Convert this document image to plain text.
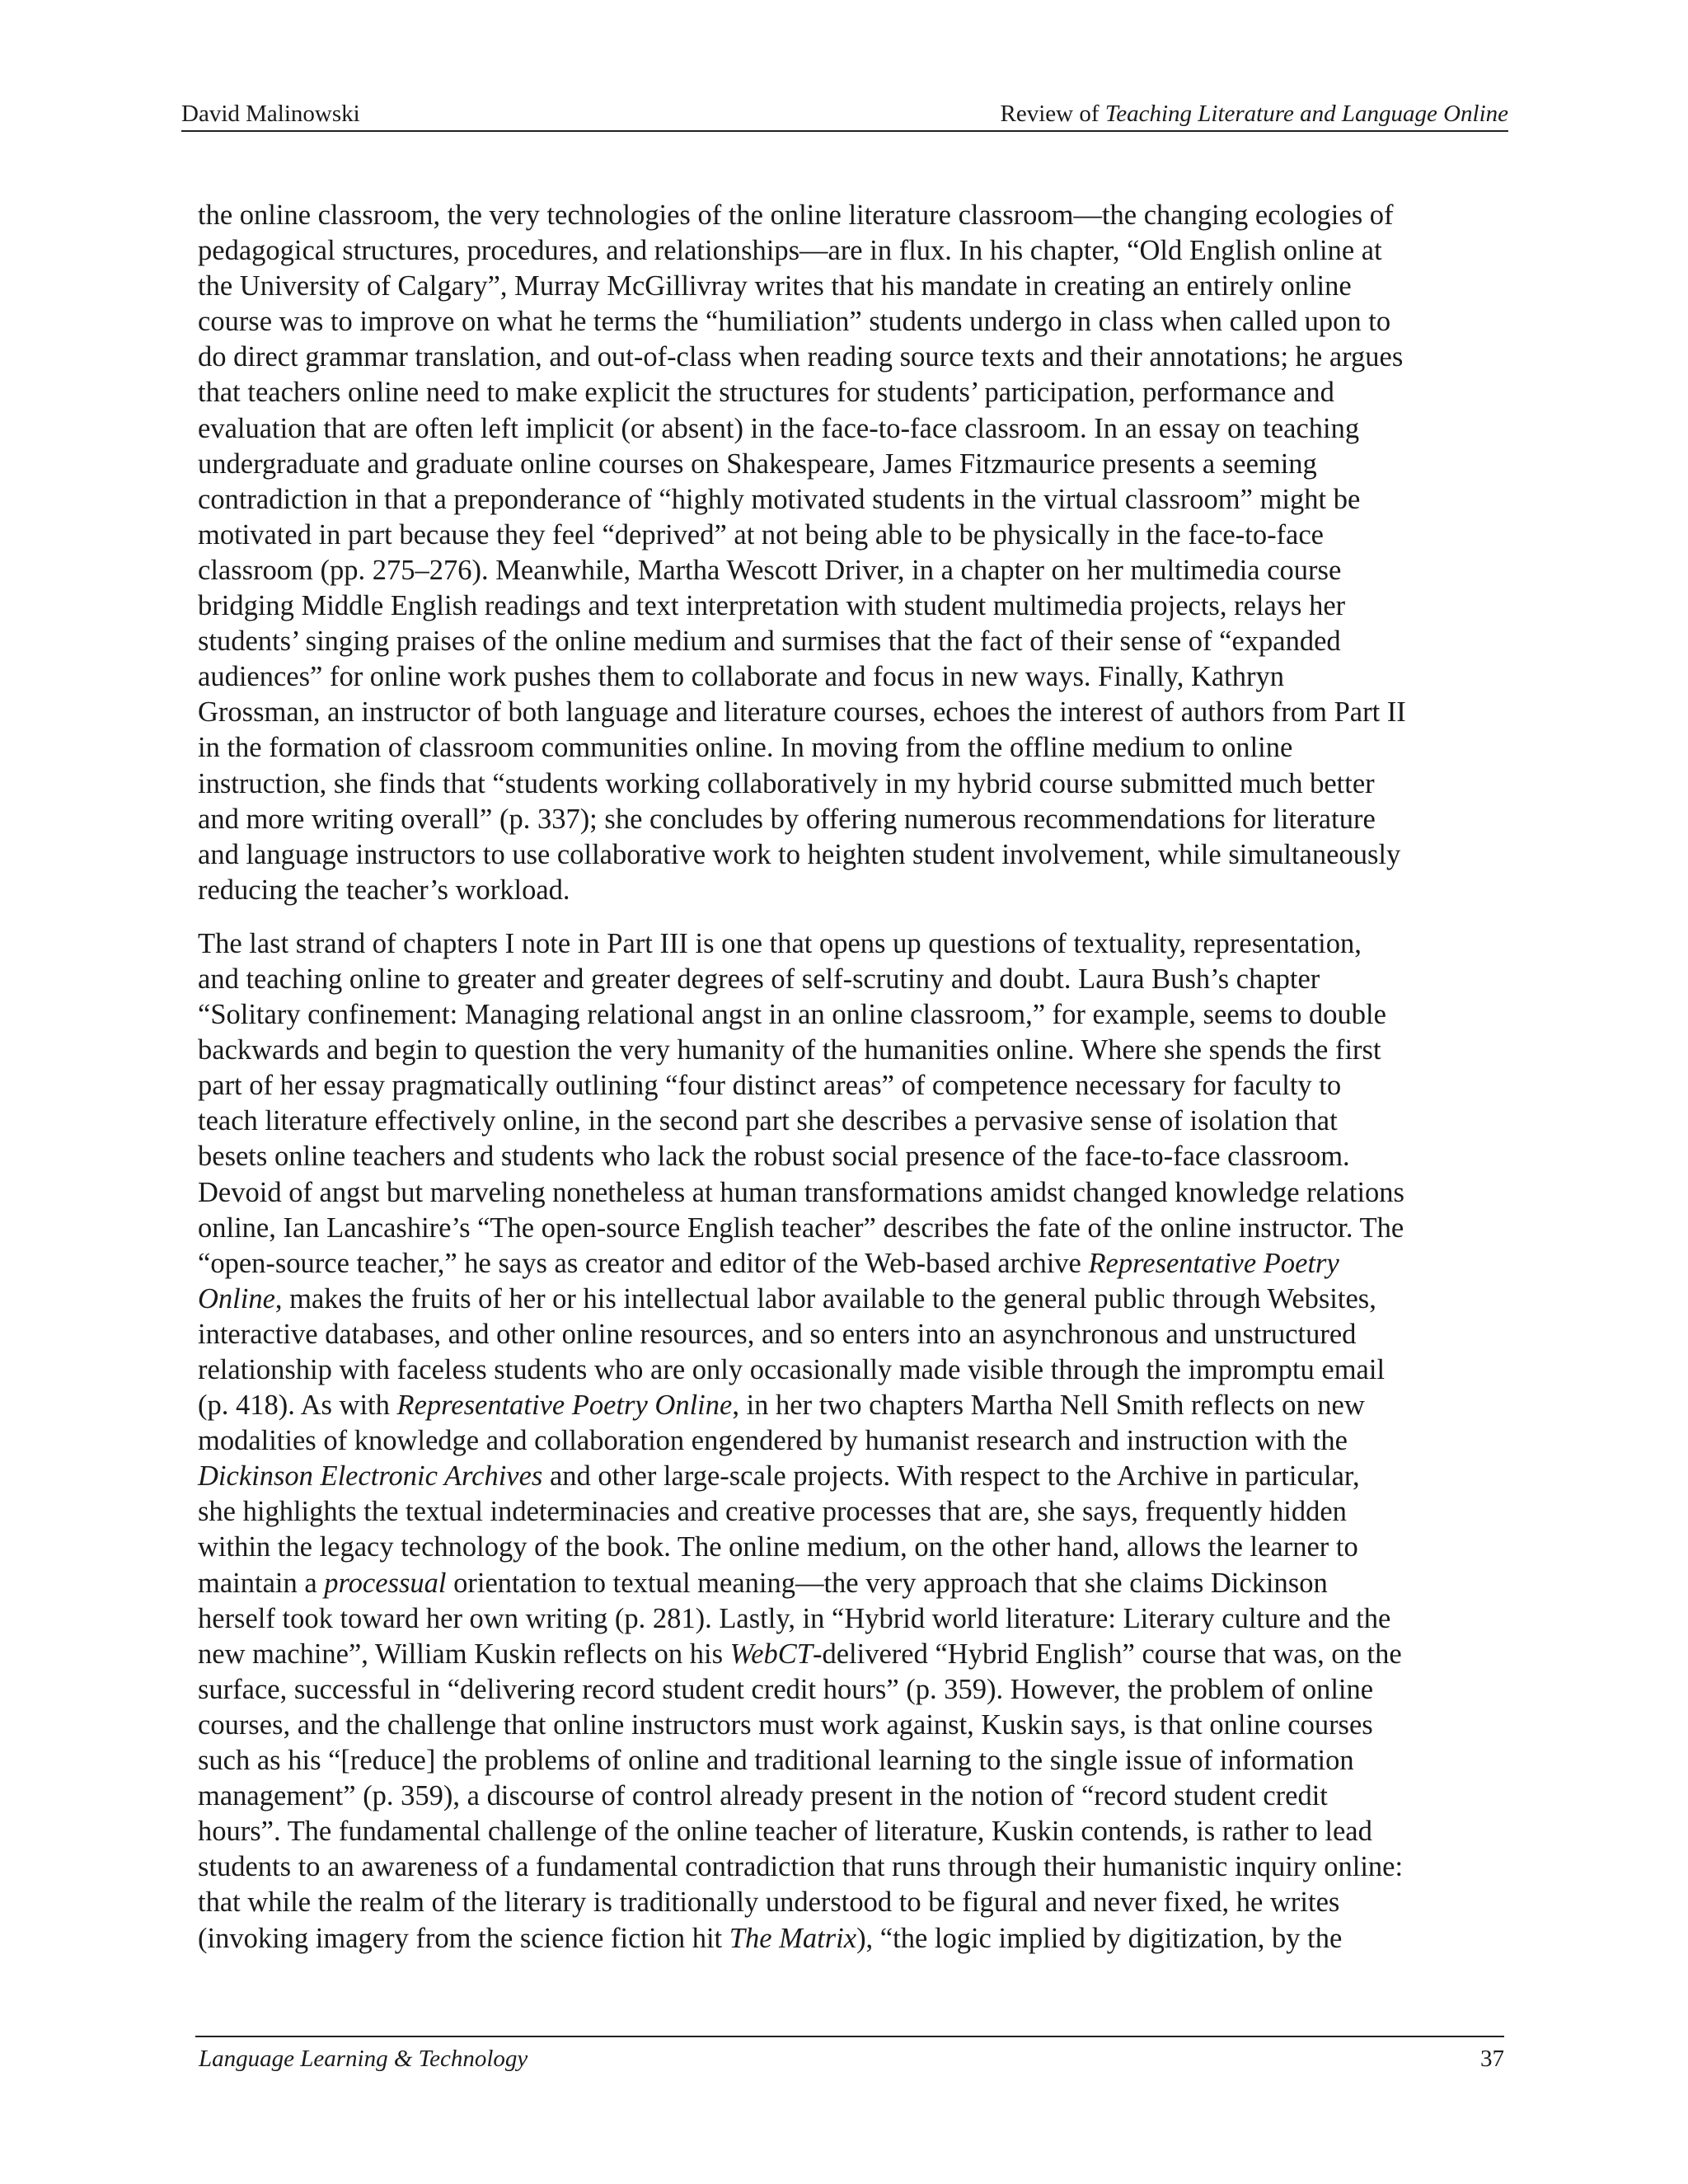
David Malinowski	Review of Teaching Literature and Language Online

the online classroom, the very technologies of the online literature classroom—the changing ecologies of
pedagogical structures, procedures, and relationships—are in flux. In his chapter, “Old English online at
the University of Calgary”, Murray McGillivray writes that his mandate in creating an entirely online
course was to improve on what he terms the “humiliation” students undergo in class when called upon to
do direct grammar translation, and out-of-class when reading source texts and their annotations; he argues
that teachers online need to make explicit the structures for students’ participation, performance and
evaluation that are often left implicit (or absent) in the face-to-face classroom. In an essay on teaching
undergraduate and graduate online courses on Shakespeare, James Fitzmaurice presents a seeming
contradiction in that a preponderance of “highly motivated students in the virtual classroom” might be
motivated in part because they feel “deprived” at not being able to be physically in the face-to-face
classroom (pp. 275–276). Meanwhile, Martha Wescott Driver, in a chapter on her multimedia course
bridging Middle English readings and text interpretation with student multimedia projects, relays her
students’ singing praises of the online medium and surmises that the fact of their sense of “expanded
audiences” for online work pushes them to collaborate and focus in new ways. Finally, Kathryn
Grossman, an instructor of both language and literature courses, echoes the interest of authors from Part II
in the formation of classroom communities online. In moving from the offline medium to online
instruction, she finds that “students working collaboratively in my hybrid course submitted much better
and more writing overall” (p. 337); she concludes by offering numerous recommendations for literature
and language instructors to use collaborative work to heighten student involvement, while simultaneously
reducing the teacher’s workload.

The last strand of chapters I note in Part III is one that opens up questions of textuality, representation,
and teaching online to greater and greater degrees of self-scrutiny and doubt. Laura Bush’s chapter
“Solitary confinement: Managing relational angst in an online classroom,” for example, seems to double
backwards and begin to question the very humanity of the humanities online. Where she spends the first
part of her essay pragmatically outlining “four distinct areas” of competence necessary for faculty to
teach literature effectively online, in the second part she describes a pervasive sense of isolation that
besets online teachers and students who lack the robust social presence of the face-to-face classroom.
Devoid of angst but marveling nonetheless at human transformations amidst changed knowledge relations
online, Ian Lancashire’s “The open-source English teacher” describes the fate of the online instructor. The
“open-source teacher,” he says as creator and editor of the Web-based archive Representative Poetry
Online, makes the fruits of her or his intellectual labor available to the general public through Websites,
interactive databases, and other online resources, and so enters into an asynchronous and unstructured
relationship with faceless students who are only occasionally made visible through the impromptu email
(p. 418). As with Representative Poetry Online, in her two chapters Martha Nell Smith reflects on new
modalities of knowledge and collaboration engendered by humanist research and instruction with the
Dickinson Electronic Archives and other large-scale projects. With respect to the Archive in particular,
she highlights the textual indeterminacies and creative processes that are, she says, frequently hidden
within the legacy technology of the book. The online medium, on the other hand, allows the learner to
maintain a processual orientation to textual meaning—the very approach that she claims Dickinson
herself took toward her own writing (p. 281). Lastly, in “Hybrid world literature: Literary culture and the
new machine”, William Kuskin reflects on his WebCT-delivered “Hybrid English” course that was, on the
surface, successful in “delivering record student credit hours” (p. 359). However, the problem of online
courses, and the challenge that online instructors must work against, Kuskin says, is that online courses
such as his “[reduce] the problems of online and traditional learning to the single issue of information
management” (p. 359), a discourse of control already present in the notion of “record student credit
hours”. The fundamental challenge of the online teacher of literature, Kuskin contends, is rather to lead
students to an awareness of a fundamental contradiction that runs through their humanistic inquiry online:
that while the realm of the literary is traditionally understood to be figural and never fixed, he writes
(invoking imagery from the science fiction hit The Matrix), “the logic implied by digitization, by the

Language Learning & Technology	37
